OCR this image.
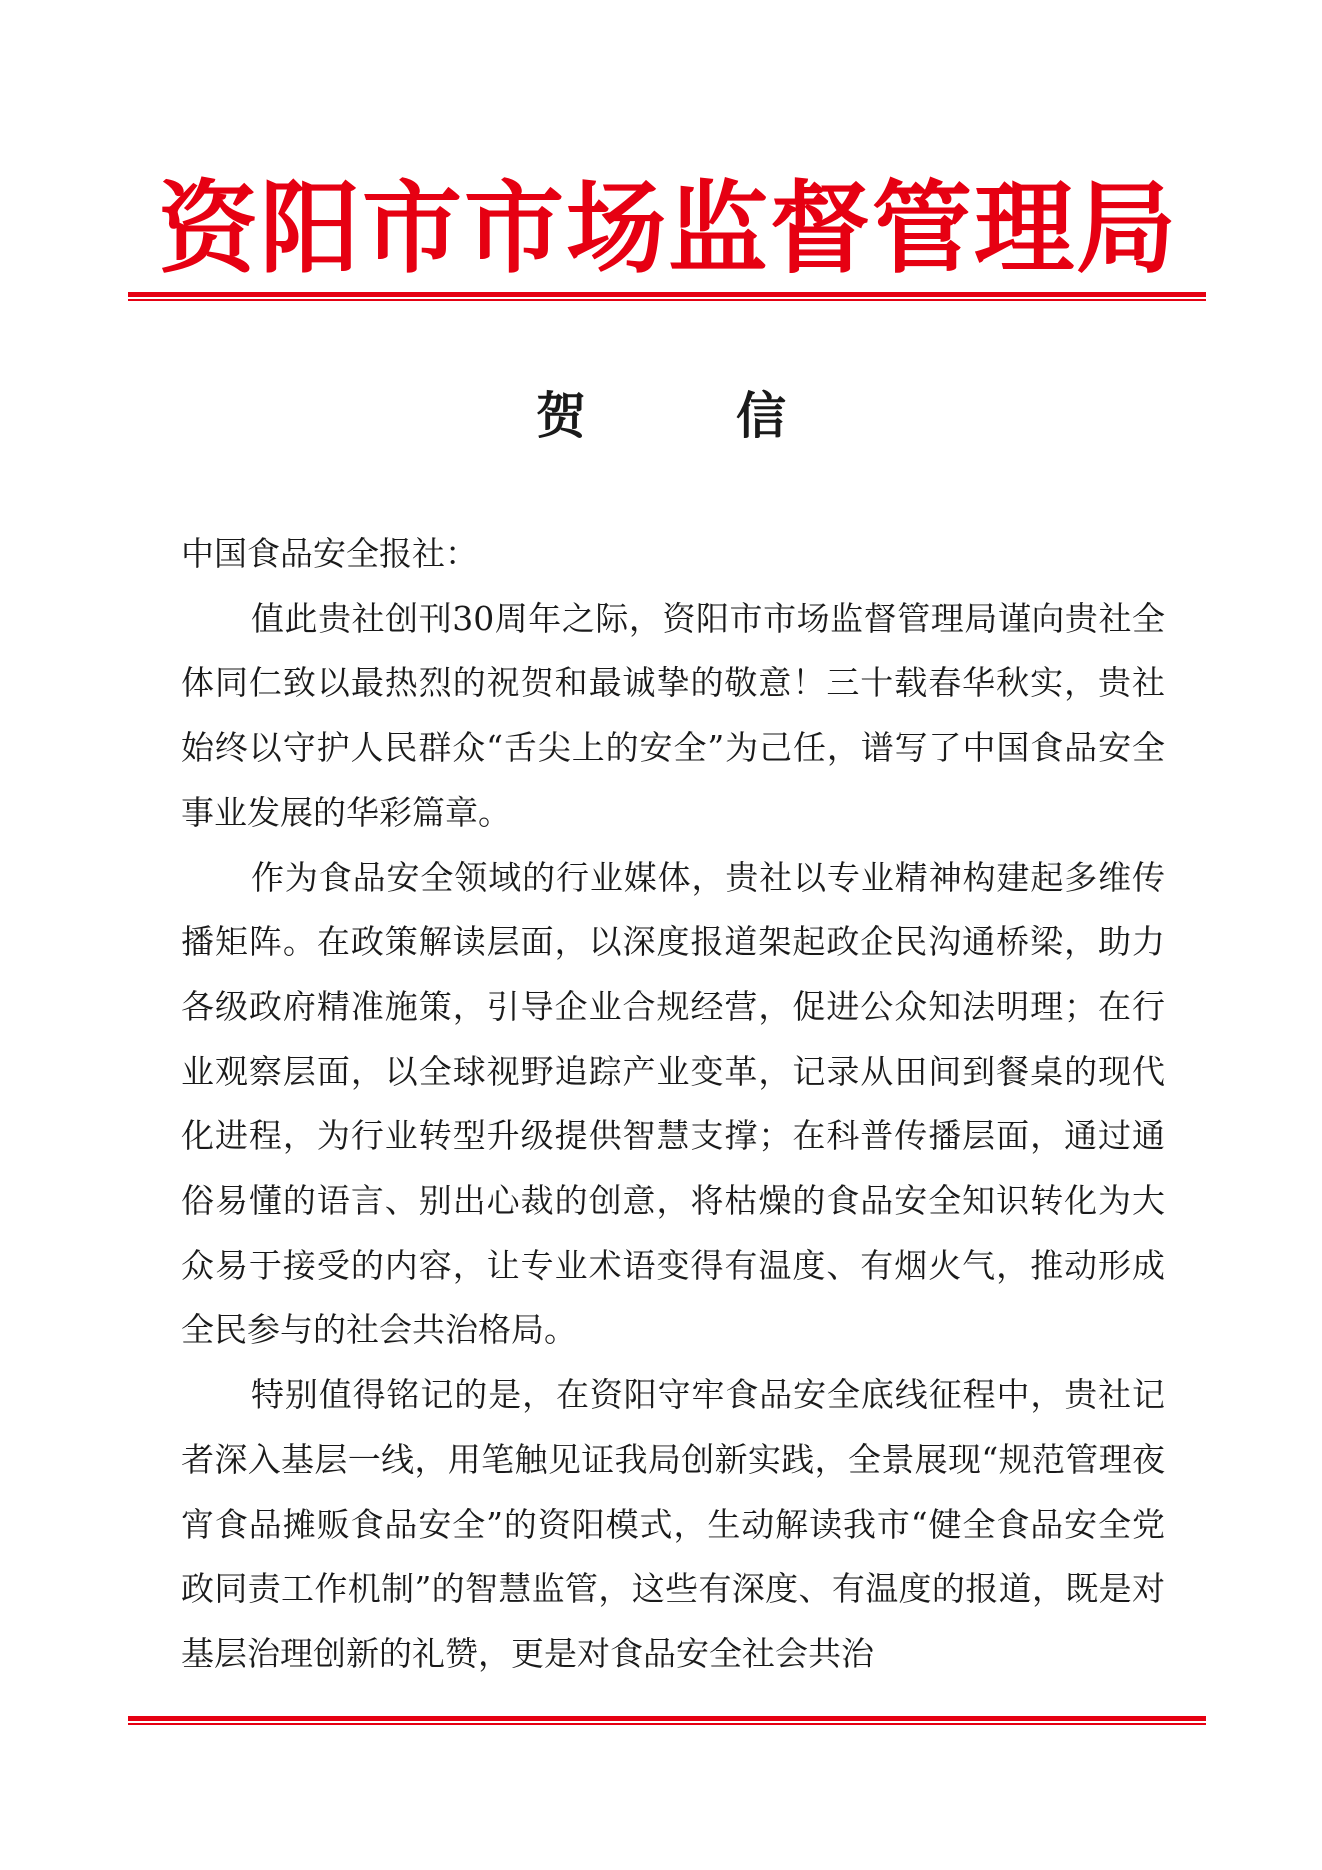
资阳市市场监督管理局
贺	信

中国食品安全报社：

值此贵社创刊30周年之际，资阳市市场监督管理局谨向贵社全体同仁致以最热烈的祝贺和最诚挚的敬意！三十载春华秋实，贵社始终以守护人民群众“舌尖上的安全”为己任，谱写了中国食品安全事业发展的华彩篇章。

作为食品安全领域的行业媒体，贵社以专业精神构建起多维传播矩阵。在政策解读层面，以深度报道架起政企民沟通桥梁，助力各级政府精准施策，引导企业合规经营，促进公众知法明理；在行业观察层面，以全球视野追踪产业变革，记录从田间到餐桌的现代化进程，为行业转型升级提供智慧支撑；在科普传播层面，通过通俗易懂的语言、别出心裁的创意，将枯燥的食品安全知识转化为大众易于接受的内容，让专业术语变得有温度、有烟火气，推动形成全民参与的社会共治格局。

特别值得铭记的是，在资阳守牢食品安全底线征程中，贵社记者深入基层一线，用笔触见证我局创新实践，全景展现“规范管理夜宵食品摊贩食品安全”的资阳模式，生动解读我市“健全食品安全党政同责工作机制”的智慧监管，这些有深度、有温度的报道，既是对基层治理创新的礼赞，更是对食品安全社会共治
